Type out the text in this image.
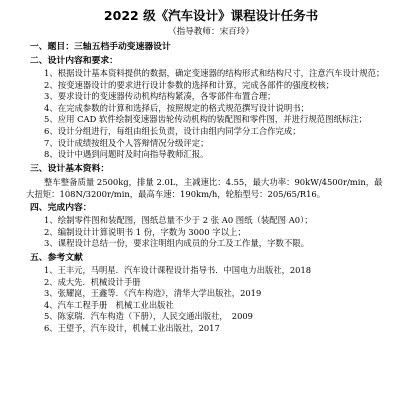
2022 级《汽车设计》课程设计任务书
（指导教师：宋百玲）
一、题目：三轴五档手动变速器设计
二、设计内容和要求：
1、根据设计基本资料提供的数据，确定变速器的结构形式和结构尺寸，注意汽车设计规范；
2、按变速器设计的要求进行设计参数的选择和计算，完成各部件的强度校核；
3、要求设计的变速器传动机构结构紧凑，各零部件布置合理；
4、在完成参数的计算和选择后，按照规定的格式规范撰写设计说明书；
5、应用 CAD 软件绘制变速器齿轮传动机构的装配图和零件图，并进行规范图纸标注；
6、设计分组进行，每组由组长负责，设计由组内同学分工合作完成；
7、设计成绩按组及个人答辩情况分级评定；
8、设计中遇到问题时及时向指导教师汇报。
三、设计基本资料：
整车整备质量 2500kg，排量 2.0L，主减速比：4.55，最大功率：90kW/4500r/min，最大扭矩：108N/3200r/min，最高车速：190km/h，轮胎型号：205/65/R16。
四、完成内容：
1、绘制零件图和装配图，图纸总量不少于 2 张 A0 图纸（装配图 A0）；
2、编制设计计算说明书 1 份，字数为 3000 字以上；
3、课程设计总结一份，要求注明组内成员的分工及工作量，字数不限。
五、参考文献
1、王丰元，马明星．汽车设计课程设计指导书．中国电力出版社，2018
2、成大先．机械设计手册
3、张耀崑，王鑫等．《汽车构造》，清华大学出版社，2019
4、汽车工程手册　机械工业出版社
5、陈家瑞．汽车构造（下册），人民交通出版社，　2009
6、王望予，汽车设计，机械工业出版社，2017
